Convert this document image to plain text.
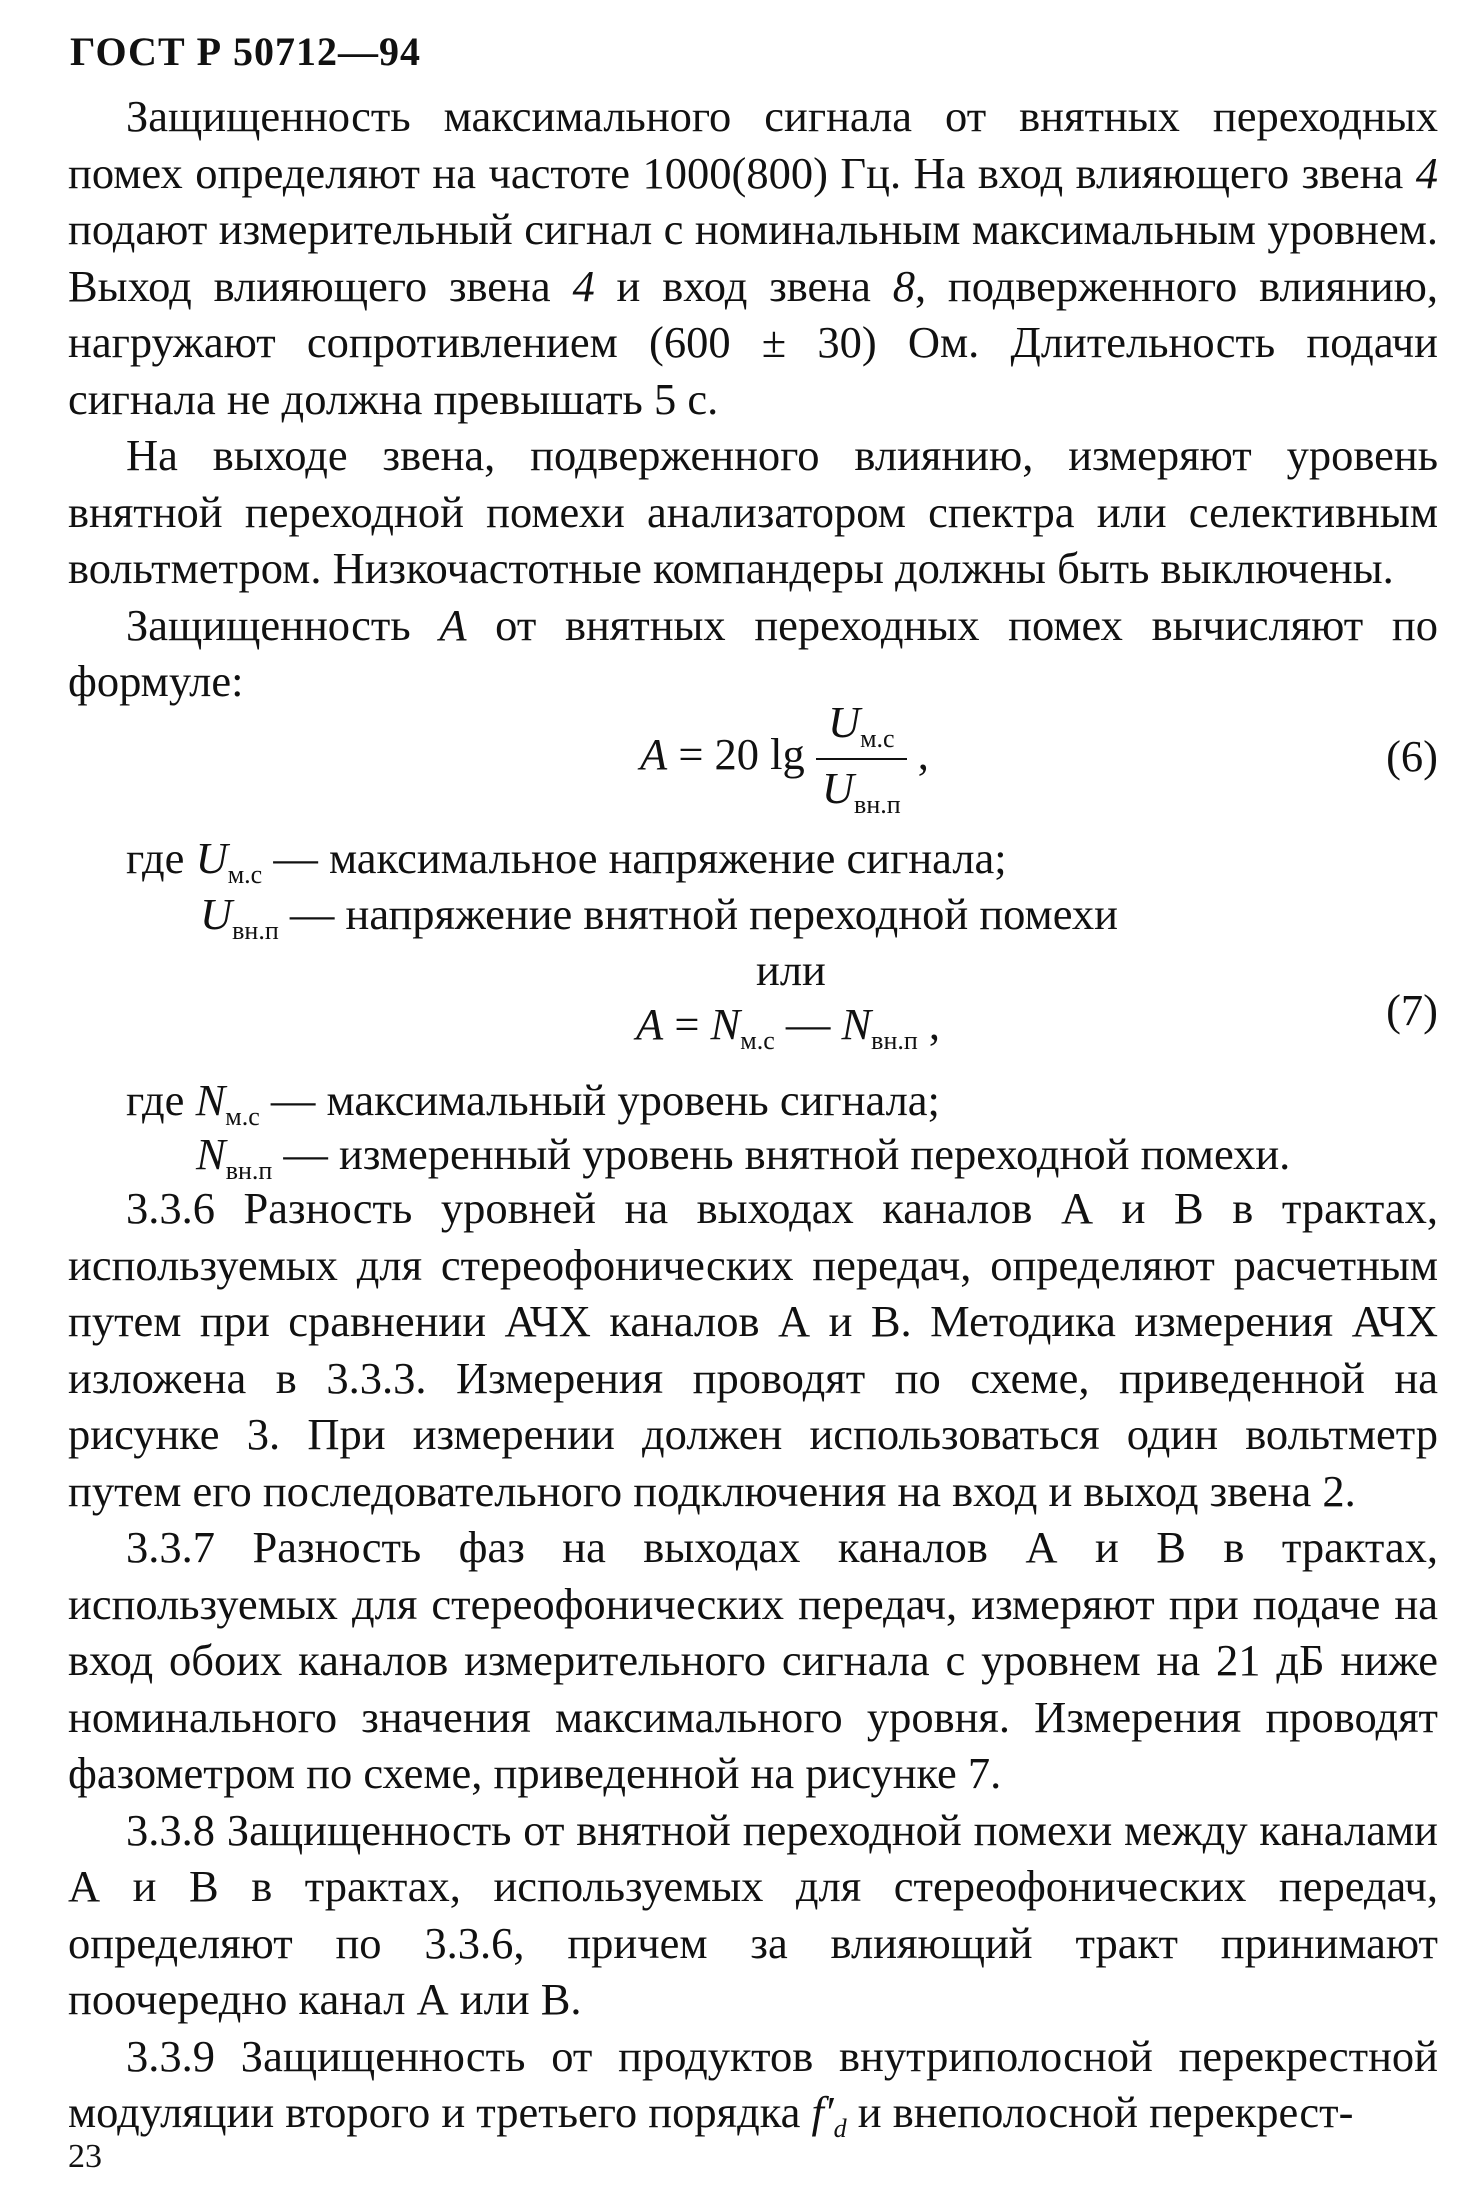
ГОСТ Р 50712—94

Защищенность максимального сигнала от внятных переходных помех определяют на частоте 1000(800) Гц. На вход влияющего звена 4 подают измерительный сигнал с номинальным максимальным уровнем. Выход влияющего звена 4 и вход звена 8, подверженного влиянию, нагружают сопротивлением (600 ± 30) Ом. Длительность подачи сигнала не должна превышать 5 с.

На выходе звена, подверженного влиянию, измеряют уровень внятной переходной помехи анализатором спектра или селективным вольтметром. Низкочастотные компандеры должны быть выключены.

Защищенность A от внятных переходных помех вычисляют по формуле:

A = 20 $\lg \frac{U_{м.с}}{U_{вн.п}}$ ,	(6)
где $U_{м.с}$ — максимальное напряжение сигнала;
$U_{вн.п}$ — напряжение внятной переходной помехи
или
$A = N_{м.с}$ — $N_{вн.п}$ ,	(7)
где $N_{м.с}$ — максимальный уровень сигнала;
$N_{вн.п}$ — измеренный уровень внятной переходной помехи.

3.3.6 Разность уровней на выходах каналов А и В в трактах, используемых для стереофонических передач, определяют расчетным путем при сравнении АЧХ каналов А и В. Методика измерения АЧХ изложена в 3.3.3. Измерения проводят по схеме, приведенной на рисунке 3. При измерении должен использоваться один вольтметр путем его последовательного подключения на вход и выход звена 2.

3.3.7 Разность фаз на выходах каналов А и В в трактах, используемых для стереофонических передач, измеряют при подаче на вход обоих каналов измерительного сигнала с уровнем на 21 дБ ниже номинального значения максимального уровня. Измерения проводят фазометром по схеме, приведенной на рисунке 7.

3.3.8 Защищенность от внятной переходной помехи между каналами А и В в трактах, используемых для стереофонических передач, определяют по 3.3.6, причем за влияющий тракт принимают поочередно канал А или В.

3.3.9 Защищенность от продуктов внутриполосной перекрестной модуляции второго и третьего порядка $f'_d$ и внеполосной перекрест-

23
